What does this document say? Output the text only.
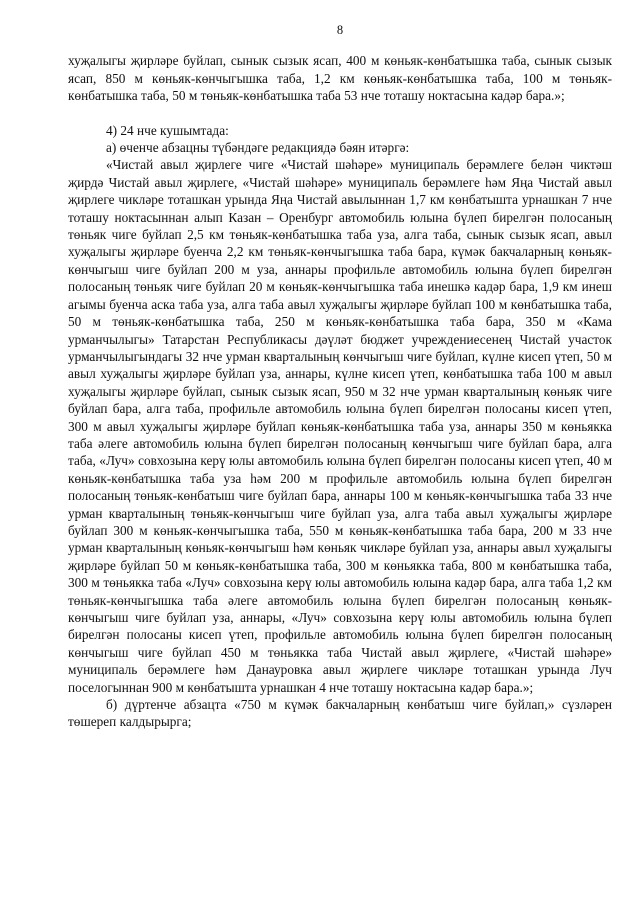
8

хуҗалыгы җирләре буйлап, сынык сызык ясап, 400 м көньяк-көнбатышка таба, сынык сызык ясап, 850 м көньяк-көнчыгышка таба, 1,2 км көньяк-көнбатышка таба, 100 м төньяк-көнбатышка таба, 50 м төньяк-көнбатышка таба 53 нче тоташу ноктасына кадәр бара.»;

4) 24 нче кушымтада:

а) өченче абзацны түбәндәге редакциядә бәян итәргә:

«Чистай авыл җирлеге чиге «Чистай шәһәре» муниципаль берәмлеге белән чиктәш җирдә Чистай авыл җирлеге, «Чистай шәһәре» муниципаль берәмлеге һәм Яңа Чистай авыл җирлеге чикләре тоташкан урында Яңа Чистай авылыннан 1,7 км көнбатышта урнашкан 7 нче тоташу ноктасыннан алып Казан – Оренбург автомобиль юлына бүлеп бирелгән полосаның төньяк чиге буйлап 2,5 км төньяк-көнбатышка таба уза, алга таба, сынык сызык ясап, авыл хуҗалыгы җирләре буенча 2,2 км төньяк-көнчыгышка таба бара, күмәк бакчаларның көньяк-көнчыгыш чиге буйлап 200 м уза, аннары профильле автомобиль юлына бүлеп бирелгән полосаның төньяк чиге буйлап 20 м көньяк-көнчыгышка таба инешкә кадәр бара, 1,9 км инеш агымы буенча аска таба уза, алга таба авыл хуҗалыгы җирләре буйлап 100 м көнбатышка таба, 50 м төньяк-көнбатышка таба, 250 м көньяк-көнбатышка таба бара, 350 м «Кама урманчылыгы» Татарстан Республикасы дәүләт бюджет учреждениесенең Чистай участок урманчылыгындагы 32 нче урман кварталының көнчыгыш чиге буйлап, күлне кисеп үтеп, 50 м авыл хуҗалыгы җирләре буйлап уза, аннары, күлне кисеп үтеп, көнбатышка таба 100 м авыл хуҗалыгы җирләре буйлап, сынык сызык ясап, 950 м 32 нче урман кварталының көньяк чиге буйлап бара, алга таба, профильле автомобиль юлына бүлеп бирелгән полосаны кисеп үтеп, 300 м авыл хуҗалыгы җирләре буйлап көньяк-көнбатышка таба уза, аннары 350 м көньякка таба әлеге автомобиль юлына бүлеп бирелгән полосаның көнчыгыш чиге буйлап бара, алга таба, «Луч» совхозына керү юлы автомобиль юлына бүлеп бирелгән полосаны кисеп үтеп, 40 м көньяк-көнбатышка таба уза һәм 200 м профильле автомобиль юлына бүлеп бирелгән полосаның төньяк-көнбатыш чиге буйлап бара, аннары 100 м көньяк-көнчыгышка таба 33 нче урман кварталының төньяк-көнчыгыш чиге буйлап уза, алга таба авыл хуҗалыгы җирләре буйлап 300 м көньяк-көнчыгышка таба, 550 м көньяк-көнбатышка таба бара, 200 м 33 нче урман кварталының көньяк-көнчыгыш һәм көньяк чикләре буйлап уза, аннары авыл хуҗалыгы җирләре буйлап 50 м көньяк-көнбатышка таба, 300 м көньякка таба, 800 м көнбатышка таба, 300 м төньякка таба «Луч» совхозына керү юлы автомобиль юлына кадәр бара, алга таба 1,2 км төньяк-көнчыгышка таба әлеге автомобиль юлына бүлеп бирелгән полосаның көньяк-көнчыгыш чиге буйлап уза, аннары, «Луч» совхозына керү юлы автомобиль юлына бүлеп бирелгән полосаны кисеп үтеп, профильле автомобиль юлына бүлеп бирелгән полосаның көнчыгыш чиге буйлап 450 м төньякка таба Чистай авыл җирлеге, «Чистай шәһәре» муниципаль берәмлеге һәм Данауровка авыл җирлеге чикләре тоташкан урында Луч поселогыннан 900 м көнбатышта урнашкан 4 нче тоташу ноктасына кадәр бара.»;

б) дүртенче абзацта «750 м күмәк бакчаларның көнбатыш чиге буйлап,» сүзләрен төшереп калдырырга;
